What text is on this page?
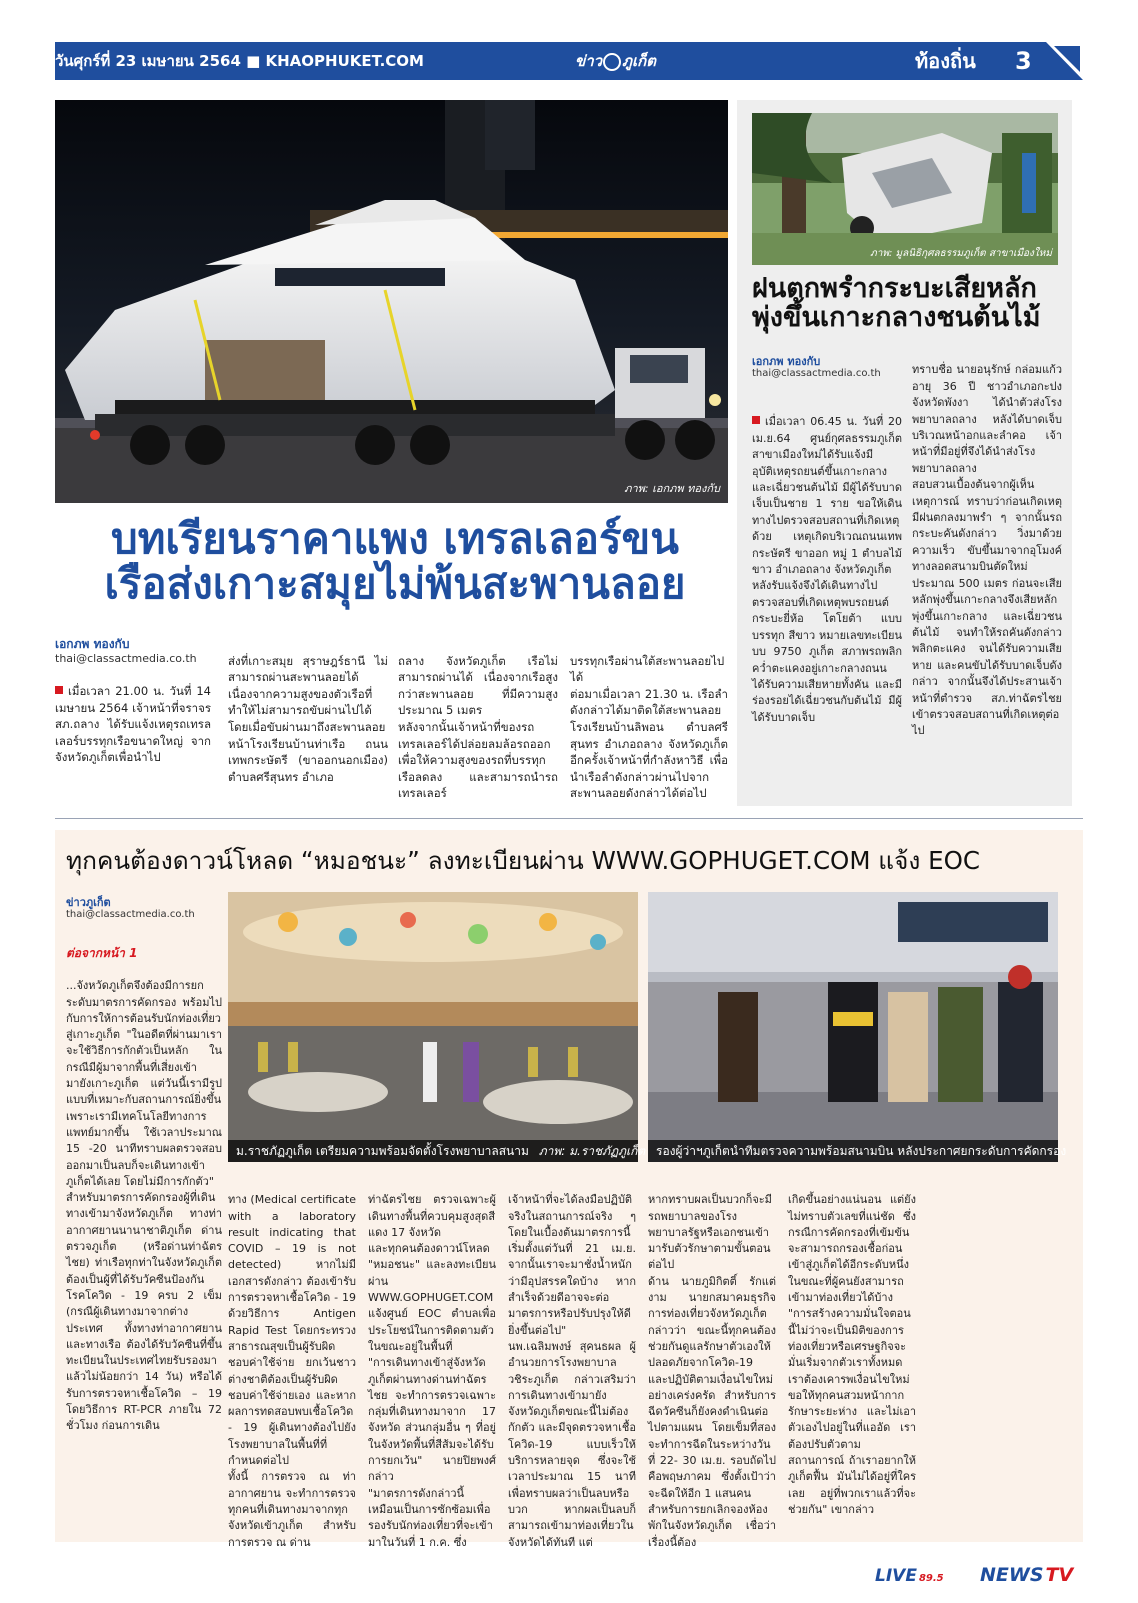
วันศุกร์ที่ 23 เมษายน 2564 ■ KHAOPHUKET.COM	ข่าว ภูเก็ต	ท้องถิ่น 3
ภาพ: เอกภพ ทองกับ
บทเรียนราคาแพง เทรลเลอร์ขน
เรือส่งเกาะสมุยไม่พ้นสะพานลอย
เอกภพ ทองกับ
thai@classactmedia.co.th

เมื่อเวลา 21.00 น. วันที่ 14 เมษายน 2564 เจ้าหน้าที่จราจร สภ.ถลาง ได้รับแจ้งเหตุรถเทรลเลอร์บรรทุกเรือขนาดใหญ่ จากจังหวัดภูเก็ตเพื่อนำไป

ส่งที่เกาะสมุย สุราษฎร์ธานี ไม่สามารถผ่านสะพานลอยได้ เนื่องจากความสูงของตัวเรือที่ทำให้ไม่สามารถขับผ่านไปได้
โดยเมื่อขับผ่านมาถึงสะพานลอยหน้าโรงเรียนบ้านท่าเรือ ถนนเทพกระษัตรี (ขาออกนอกเมือง) ตำบลศรีสุนทร อำเภอ

ถลาง จังหวัดภูเก็ต เรือไม่สามารถผ่านได้ เนื่องจากเรือสูงกว่าสะพานลอย ที่มีความสูงประมาณ 5 เมตร
หลังจากนั้นเจ้าหน้าที่ของรถเทรลเลอร์ได้ปล่อยลมล้อรถออก เพื่อให้ความสูงของรถที่บรรทุกเรือลดลง และสามารถนำรถเทรลเลอร์

บรรทุกเรือผ่านใต้สะพานลอยไปได้
ต่อมาเมื่อเวลา 21.30 น. เรือลำดังกล่าวได้มาติดใต้สะพานลอยโรงเรียนบ้านลิพอน ตำบลศรีสุนทร อำเภอถลาง จังหวัดภูเก็ต อีกครั้งเจ้าหน้าที่กำลังหาวิธี เพื่อนำเรือลำดังกล่าวผ่านไปจากสะพานลอยดังกล่าวได้ต่อไป

ภาพ: มูลนิธิกุศลธรรมภูเก็ต สาขาเมืองใหม่
ฝนตกพรำกระบะเสียหลัก
พุ่งขึ้นเกาะกลางชนต้นไม้
เอกภพ ทองกับ
thai@classactmedia.co.th

เมื่อเวลา 06.45 น. วันที่ 20 เม.ย.64 ศูนย์กุศลธรรมภูเก็ต สาขาเมืองใหม่ได้รับแจ้งมีอุบัติเหตุรถยนต์ขึ้นเกาะกลางและเฉี่ยวชนต้นไม้ มีผู้ได้รับบาดเจ็บเป็นชาย 1 ราย ขอให้เดินทางไปตรวจสอบสถานที่เกิดเหตุด้วย เหตุเกิดบริเวณถนนเทพกระษัตรี ขาออก หมู่ 1 ตำบลไม้ขาว อำเภอถลาง จังหวัดภูเก็ต
หลังรับแจ้งจึงได้เดินทางไปตรวจสอบที่เกิดเหตุพบรถยนต์กระบะยี่ห้อ โตโยต้า แบบบรรทุก สีขาว หมายเลขทะเบียน บบ 9750 ภูเก็ต สภาพรถพลิกคว่ำตะแคงอยู่เกาะกลางถนน ได้รับความเสียหายทั้งคัน และมีร่องรอยได้เฉี่ยวชนกับต้นไม้ มีผู้ได้รับบาดเจ็บ

ทราบชื่อ นายอนุรักษ์ กล่อมแก้ว อายุ 36 ปี ชาวอำเภอกะปง จังหวัดพังงา ได้นำตัวส่งโรงพยาบาลถลาง หลังได้บาดเจ็บบริเวณหน้าอกและลำคอ เจ้าหน้าที่มีอยู่ที่จึงได้นำส่งโรงพยาบาลถลาง
สอบสวนเบื้องต้นจากผู้เห็นเหตุการณ์ ทราบว่าก่อนเกิดเหตุมีฝนตกลงมาพรำ ๆ จากนั้นรถกระบะคันดังกล่าว วิ่งมาด้วยความเร็ว ขับขึ้นมาจากอุโมงค์ทางลอดสนามบินตัดใหม่ ประมาณ 500 เมตร ก่อนจะเสียหลักพุ่งขึ้นเกาะกลางจึงเสียหลักพุ่งขึ้นเกาะกลาง และเฉี่ยวชนต้นไม้ จนทำให้รถคันดังกล่าวพลิกตะแคง จนได้รับความเสียหาย และคนขับได้รับบาดเจ็บดังกล่าว จากนั้นจึงได้ประสานเจ้าหน้าที่ตำรวจ สภ.ท่าฉัตรไชย เข้าตรวจสอบสถานที่เกิดเหตุต่อไป

ทุกคนต้องดาวน์โหลด “หมอชนะ” ลงทะเบียนผ่าน WWW.GOPHUGET.COM แจ้ง EOC
ข่าวภูเก็ต
thai@classactmedia.co.th
ต่อจากหน้า 1

...จังหวัดภูเก็ตจึงต้องมีการยกระดับมาตรการคัดกรอง พร้อมไปกับการให้การต้อนรับนักท่องเที่ยวสู่เกาะภูเก็ต "ในอดีตที่ผ่านมาเราจะใช้วิธีการกักตัวเป็นหลัก ในกรณีมีผู้มาจากพื้นที่เสี่ยงเข้ามายังเกาะภูเก็ต แต่วันนี้เรามีรูปแบบที่เหมาะกับสถานการณ์ยิ่งขึ้น เพราะเรามีเทคโนโลยีทางการแพทย์มากขึ้น ใช้เวลาประมาณ 15 -20 นาทีทราบผลตรวจสอบออกมาเป็นลบก็จะเดินทางเข้าภูเก็ตได้เลย โดยไม่มีการกักตัว"
สำหรับมาตรการคัดกรองผู้ที่เดินทางเข้ามาจังหวัดภูเก็ต ทางท่าอากาศยานนานาชาติภูเก็ต ด่านตรวจภูเก็ต (หรือด่านท่าฉัตรไชย) ท่าเรือทุกท่าในจังหวัดภูเก็ต ต้องเป็นผู้ที่ได้รับวัคซีนป้องกันโรคโควิด - 19 ครบ 2 เข็ม (กรณีผู้เดินทางมาจากต่างประเทศ ทั้งทางท่าอากาศยาน และทางเรือ ต้องได้รับวัคซีนที่ขึ้นทะเบียนในประเทศไทยรับรองมาแล้วไม่น้อยกว่า 14 วัน) หรือได้รับการตรวจหาเชื้อโควิด – 19 โดยวิธีการ RT-PCR ภายใน 72 ชั่วโมง ก่อนการเดิน

ม.ราชภัฏภูเก็ต เตรียมความพร้อมจัดตั้งโรงพยาบาลสนาม ภาพ: ม.ราชภัฏภูเก็ต รองผู้ว่าฯภูเก็ตนำทีมตรวจความพร้อมสนามบิน หลังประกาศยกระดับการคัดกรอง

ทาง (Medical certificate with a laboratory result indicating that COVID – 19 is not detected) หากไม่มีเอกสารดังกล่าว ต้องเข้ารับการตรวจหาเชื้อโควิด - 19 ด้วยวิธีการ Antigen Rapid Test โดยกระทรวงสาธารณสุขเป็นผู้รับผิดชอบค่าใช้จ่าย ยกเว้นชาวต่างชาติต้องเป็นผู้รับผิดชอบค่าใช้จ่ายเอง และหากผลการทดสอบพบเชื้อโควิด - 19 ผู้เดินทางต้องไปยังโรงพยาบาลในพื้นที่ที่กำหนดต่อไป
ทั้งนี้ การตรวจ ณ ท่าอากาศยาน จะทำการตรวจทุกคนที่เดินทางมาจากทุกจังหวัดเข้าภูเก็ต สำหรับการตรวจ ณ ด่าน

ท่าฉัตรไชย ตรวจเฉพาะผู้เดินทางพื้นที่ควบคุมสูงสุดสีแดง 17 จังหวัด
และทุกคนต้องดาวน์โหลด "หมอชนะ" และลงทะเบียนผ่าน WWW.GOPHUGET.COM แจ้งศูนย์ EOC ตำบลเพื่อประโยชน์ในการติดตามตัวในขณะอยู่ในพื้นที่
"การเดินทางเข้าสู่จังหวัดภูเก็ตผ่านทางด่านท่าฉัตรไชย จะทำการตรวจเฉพาะกลุ่มที่เดินทางมาจาก 17 จังหวัด ส่วนกลุ่มอื่น ๆ ที่อยู่ในจังหวัดพื้นที่สีส้มจะได้รับการยกเว้น" นายปิยพงศ์ กล่าว
"มาตรการดังกล่าวนี้เหมือนเป็นการซักซ้อมเพื่อรองรับนักท่องเที่ยวที่จะเข้ามาในวันที่ 1 ก.ค. ซึ่ง

เจ้าหน้าที่จะได้ลงมือปฏิบัติจริงในสถานการณ์จริง ๆ โดยในเบื้องต้นมาตรการนี้เริ่มตั้งแต่วันที่ 21 เม.ย. จากนั้นเราจะมาชั่งน้ำหนักว่ามีอุปสรรคใดบ้าง หากสำเร็จด้วยดีอาจจะต่อมาตรการหรือปรับปรุงให้ดียิ่งขึ้นต่อไป"
นพ.เฉลิมพงษ์ สุคนธผล ผู้อำนวยการโรงพยาบาลวชิระภูเก็ต กล่าวเสริมว่า การเดินทางเข้ามายังจังหวัดภูเก็ตขณะนี้ไม่ต้องกักตัว และมีจุดตรวจหาเชื้อโควิด-19 แบบเร็วให้บริการหลายจุด ซึ่งจะใช้เวลาประมาณ 15 นาที เพื่อทราบผลว่าเป็นลบหรือบวก หากผลเป็นลบก็สามารถเข้ามาท่องเที่ยวในจังหวัดได้ทันที แต่

หากทราบผลเป็นบวกก็จะมีรถพยาบาลของโรงพยาบาลรัฐหรือเอกชนเข้ามารับตัวรักษาตามขั้นตอนต่อไป
ด้าน นายภูมิกิตติ์ รักแต่งาม นายกสมาคมธุรกิจการท่องเที่ยวจังหวัดภูเก็ต กล่าวว่า ขณะนี้ทุกคนต้องช่วยกันดูแลรักษาตัวเองให้ปลอดภัยจากโควิด-19 และปฏิบัติตามเงื่อนไขใหม่อย่างเคร่งครัด สำหรับการฉีดวัคซีนก็ยังคงดำเนินต่อไปตามแผน โดยเข็มที่สองจะทำการฉีดในระหว่างวันที่ 22- 30 เม.ย. รอบถัดไปคือพฤษภาคม ซึ่งตั้งเป้าว่าจะฉีดให้อีก 1 แสนคน
สำหรับการยกเลิกจองห้องพักในจังหวัดภูเก็ต เชื่อว่าเรื่องนี้ต้อง

เกิดขึ้นอย่างแน่นอน แต่ยังไม่ทราบตัวเลขที่แน่ชัด ซึ่งกรณีการคัดกรองที่เข้มข้นจะสามารถกรองเชื้อก่อนเข้าสู่ภูเก็ตได้อีกระดับหนึ่ง ในขณะที่ผู้คนยังสามารถเข้ามาท่องเที่ยวได้บ้าง
"การสร้างความมั่นใจตอนนี้ไม่ว่าจะเป็นมิติของการท่องเที่ยวหรือเศรษฐกิจจะมั่นเริ่มจากตัวเราทั้งหมด เราต้องเคารพเงื่อนไขใหม่ ขอให้ทุกคนสวมหน้ากาก รักษาระยะห่าง และไม่เอาตัวเองไปอยู่ในที่แออัด เราต้องปรับตัวตามสถานการณ์ ถ้าเราอยากให้ภูเก็ตฟื้น มันไม่ได้อยู่ที่ใครเลย อยู่ที่พวกเราแล้วที่จะช่วยกัน" เขากล่าว

LIVE 89.5 NEWS TV
